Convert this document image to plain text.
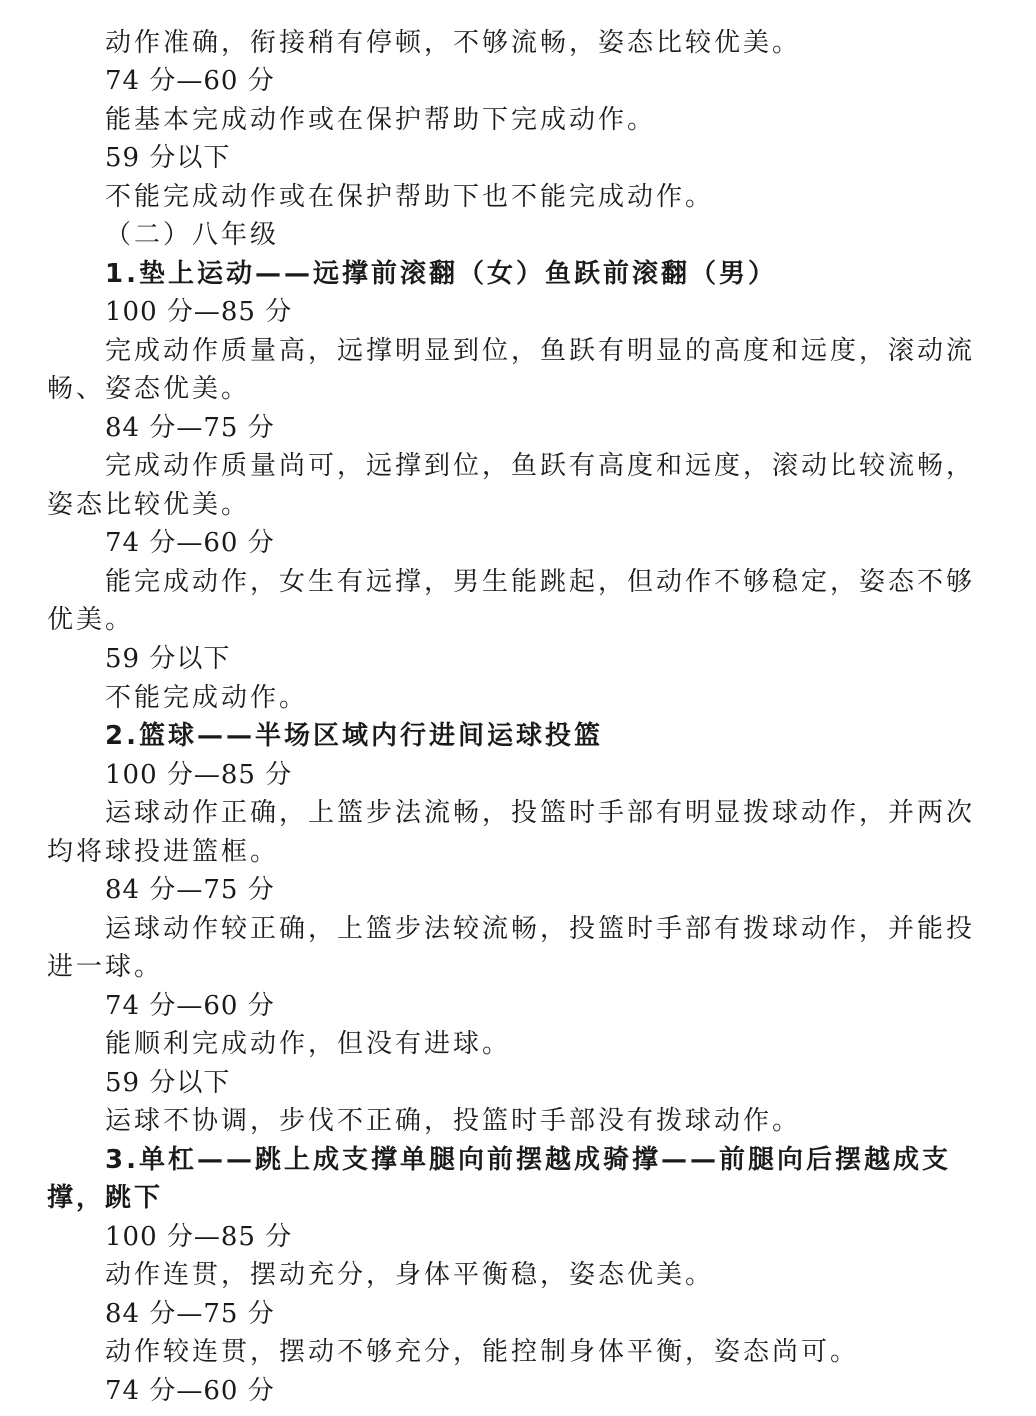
动作准确，衔接稍有停顿，不够流畅，姿态比较优美。
74 分—60 分
能基本完成动作或在保护帮助下完成动作。
59 分以下
不能完成动作或在保护帮助下也不能完成动作。
（二）八年级
1.垫上运动——远撑前滚翻（女）鱼跃前滚翻（男）
100 分—85 分
完成动作质量高，远撑明显到位，鱼跃有明显的高度和远度，滚动流
畅、姿态优美。
84 分—75 分
完成动作质量尚可，远撑到位，鱼跃有高度和远度，滚动比较流畅，
姿态比较优美。
74 分—60 分
能完成动作，女生有远撑，男生能跳起，但动作不够稳定，姿态不够
优美。
59 分以下
不能完成动作。
2.篮球——半场区域内行进间运球投篮
100 分—85 分
运球动作正确，上篮步法流畅，投篮时手部有明显拨球动作，并两次
均将球投进篮框。
84 分—75 分
运球动作较正确，上篮步法较流畅，投篮时手部有拨球动作，并能投
进一球。
74 分—60 分
能顺利完成动作，但没有进球。
59 分以下
运球不协调，步伐不正确，投篮时手部没有拨球动作。
3.单杠——跳上成支撑单腿向前摆越成骑撑——前腿向后摆越成支
撑，跳下
100 分—85 分
动作连贯，摆动充分，身体平衡稳，姿态优美。
84 分—75 分
动作较连贯，摆动不够充分，能控制身体平衡，姿态尚可。
74 分—60 分
